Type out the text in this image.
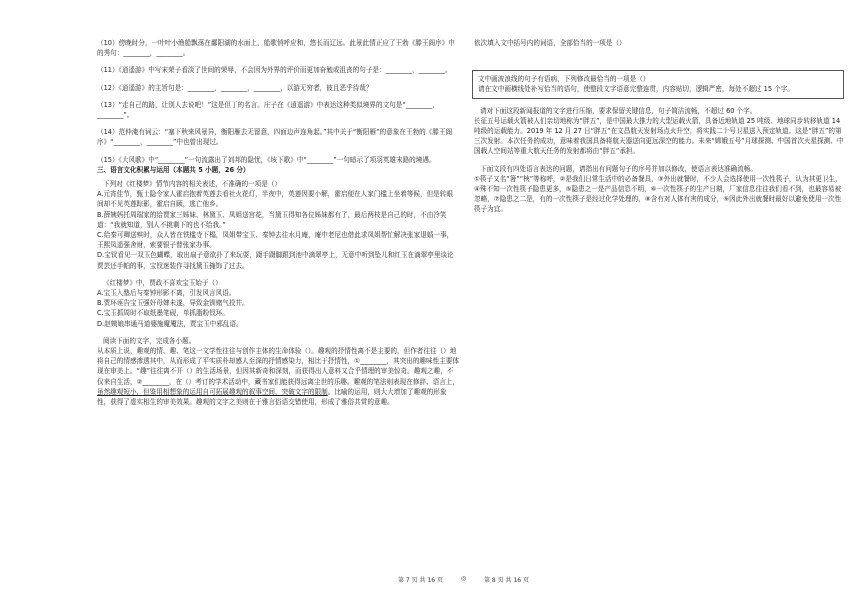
（10）傍晚时分，一叶叶小渔船飘荡在鄱阳湖的水面上，船歌悄呼应和，悠长而辽远。此景此情正应了王勃《滕王阁序》中的秀句：________，________。

（11）《逍遥游》中写宋荣子看淡了世间的荣辱，不会因为外界的评价而更加奋勉或沮丧的句子是：________，________。

（12）《逍遥游》的主旨句是：________，________，________，以游无穷者，彼且恶乎待哉？

（13）“走自己的路，让别人去说吧！”这是但丁的名言。庄子在《逍遥游》中表达这种类似境界的文句是“________，________”。

（14）范仲淹有词云：“塞下秋来风景异，衡阳雁去无留意，四面边声连角起。”其中关于“衡阳雁”的意象在王勃的《滕王阁序》“________，________”中也曾出现过。

（15）《大风歌》中“________”一句流露出了刘邦的隐忧，《垓下歌》中“________”一句暗示了项羽英雄末路的境遇。

三、语言文化积累与运用（本题共 5 小题，26 分）

下列对《红楼梦》情节内容的相关表述，不准确的一项是（）

A.元宵佳节，甄士隐令家人霍启抱着英莲去看社火花灯，半夜中，英莲因要小解，霍启便在人家门槛上坐着等候，但是转眼间却不见英莲踪影，霍启自顾，逃亡他乡。

B.薛姨妈托周瑞家的给贾家三姊妹、林黛玉、凤姐送宫花，当黛玉得知各位姊妹都有了，最后两枝是自己的时，不由冷笑道：“我就知道，别人不挑剩下的也不给我。”

C.给秦可卿送殡时，众人皆在铁槛寺下榻，凤姐带宝玉、秦钟去往水月庵，庵中老尼也借此求凤姐帮忙解决张家退婚一事，王熙凤遥强舍财，索要银子替张家办事。

D.宝钗看见一双玉色蝴蝶，取出扇子意欲扑了来玩耍，蹑手蹑脚跟到池中滴翠亭上，无意中听到坠儿和红玉在滴翠亭里谈论贾芸还手帕的事，宝钗迷装作寻找黛玉掩饰了过去。

《红楼梦》中，贾政不喜欢宝玉始于（）

A.宝玉入塾后与秦钟形影不离，引发风言风语。

B.贾环诬告宝玉强奸母婢未遂，导致金钏赌气投井。

C.宝玉抓周时不取纸墨笔砚，单抓脂粉钗环。

D.赵姨娘串通马道婆施魔魇法，贾宝玉中邪乱语。

阅读下面的文字，完成各小题。

从本质上说，趣观的情、趣、笔这一文学性往往与创作主体的生命体验（）。趣观的抒情性离不是主要的，但作者往往（）地将自己的情感渗透其中，从而形成了平实质朴却感人至深的抒情感染力，相比于抒情性，①________，其突出的趣味性主要体现在审美上。“趣”往往离不开（）的生活场景，但因其新奇和深刻，而获得出人意料又合乎情理的审美惊奇。趣观之趣，不仅来自生活，②________，在（）考订的学术活动中，藏书家们能获得远离尘世的乐趣。趣观的笔法则表现在修辞、语言上，虽然趣观短小，但鉴用相想象的运用自可拓展趣观的叙事空间，突破文字的限制。比喻的运用，则大大增加了趣观的形象性，获得了虚实相生的审美效果。趣观的文字之美则在于雅言俗语交错使用，形成了雅俗共赏的意趣。

依次填入文中括号内的词语，全部恰当的一项是（）

文中画波浪线的句子有语病，下列修改最恰当的一项是（）

请在文中画横线处补写恰当的语句，使整段文字语意完整连贯，内容贴切，逻辑严密，每处不超过 15 个字。

请对下面这段新闻报道的文字进行压缩，要求保留关键信息，句子简洁流畅，不超过 60 个字。

长征五号运载火箭被人们亲切地称为“胖五”，是中国最大推力的大型运载火箭，具备近地轨道 25 吨级、地球同步转移轨道 14 吨级的运载能力。2019 年 12 月 27 日“胖五”在文昌航天发射场点火升空，将实践二十号卫星送入预定轨道。这是“胖五”的第三次发射。本次任务的成功，意味着我国具备将航天器送向更远深空的能力。未来“嫦娥五号”月球探测、中国首次火星探测、中国载人空间站等重大航天任务的发射都将由“胖五”承担。

下面文段有四处语言表达的问题，请指出有问题句子的序号并加以修改，使语言表达准确流畅。

①筷子又名“箸”“梜”等称呼，②是我们日常生活中的必备餐具，③外出就餐时，不少人会选择使用一次性筷子，认为其更卫生，④殊不知一次性筷子隐患更多，⑤隐患之一是产品信息不明，⑥一次性筷子的生产日期，厂家信息往往我们看不到，也最容易被忽略，⑦隐患之二是，有的一次性筷子是经过化学处理的，⑧含有对人体有害的成分，⑨因此外出就餐时最好以避免使用一次性筷子为宜。

第 7 页 共 16 页	◎	第 8 页 共 16 页
